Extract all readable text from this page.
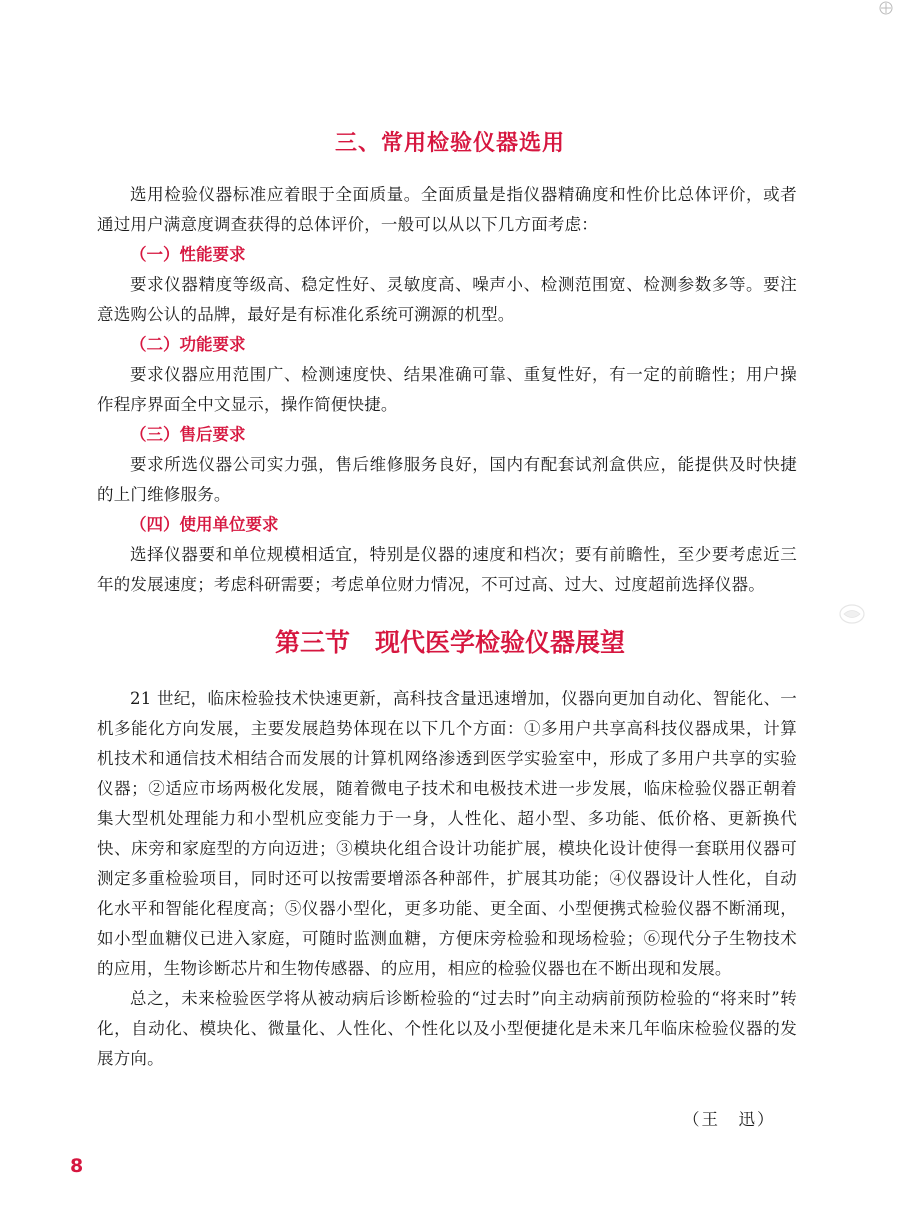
三、常用检验仪器选用

选用检验仪器标准应着眼于全面质量。全面质量是指仪器精确度和性价比总体评价，或者通过用户满意度调查获得的总体评价，一般可以从以下几方面考虑：

（一）性能要求

要求仪器精度等级高、稳定性好、灵敏度高、噪声小、检测范围宽、检测参数多等。要注意选购公认的品牌，最好是有标准化系统可溯源的机型。

（二）功能要求

要求仪器应用范围广、检测速度快、结果准确可靠、重复性好，有一定的前瞻性；用户操作程序界面全中文显示，操作简便快捷。

（三）售后要求

要求所选仪器公司实力强，售后维修服务良好，国内有配套试剂盒供应，能提供及时快捷的上门维修服务。

（四）使用单位要求

选择仪器要和单位规模相适宜，特别是仪器的速度和档次；要有前瞻性，至少要考虑近三年的发展速度；考虑科研需要；考虑单位财力情况，不可过高、过大、过度超前选择仪器。

第三节　现代医学检验仪器展望

21 世纪，临床检验技术快速更新，高科技含量迅速增加，仪器向更加自动化、智能化、一机多能化方向发展，主要发展趋势体现在以下几个方面：①多用户共享高科技仪器成果，计算机技术和通信技术相结合而发展的计算机网络渗透到医学实验室中，形成了多用户共享的实验仪器；②适应市场两极化发展，随着微电子技术和电极技术进一步发展，临床检验仪器正朝着集大型机处理能力和小型机应变能力于一身，人性化、超小型、多功能、低价格、更新换代快、床旁和家庭型的方向迈进；③模块化组合设计功能扩展，模块化设计使得一套联用仪器可测定多重检验项目，同时还可以按需要增添各种部件，扩展其功能；④仪器设计人性化，自动化水平和智能化程度高；⑤仪器小型化，更多功能、更全面、小型便携式检验仪器不断涌现，如小型血糖仪已进入家庭，可随时监测血糖，方便床旁检验和现场检验；⑥现代分子生物技术的应用，生物诊断芯片和生物传感器、的应用，相应的检验仪器也在不断出现和发展。

总之，未来检验医学将从被动病后诊断检验的“过去时”向主动病前预防检验的“将来时”转化，自动化、模块化、微量化、人性化、个性化以及小型便捷化是未来几年临床检验仪器的发展方向。

（王　迅）
8
